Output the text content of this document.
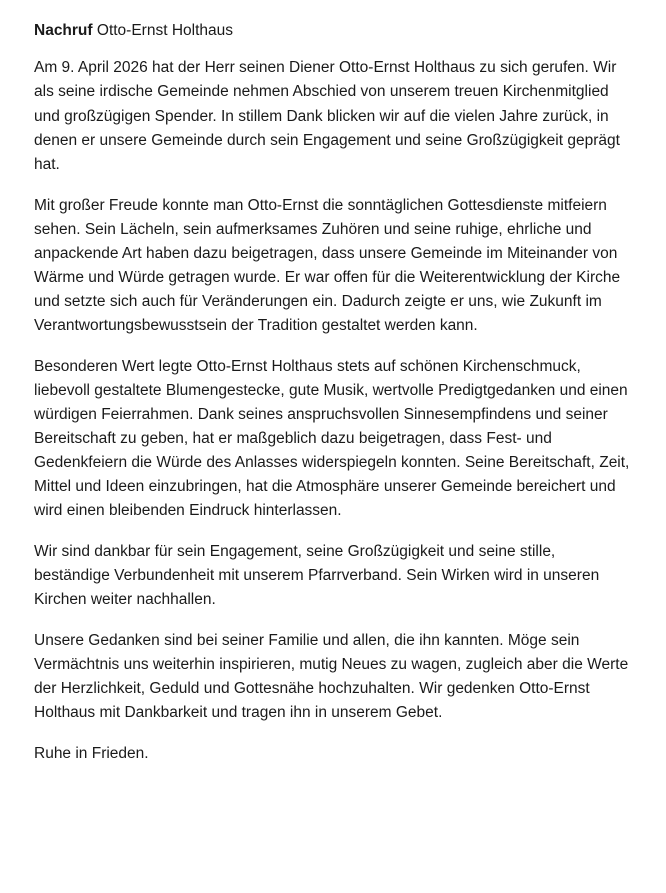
Nachruf Otto-Ernst Holthaus

Am 9. April 2026 hat der Herr seinen Diener Otto-Ernst Holthaus zu sich gerufen. Wir als seine irdische Gemeinde nehmen Abschied von unserem treuen Kirchenmitglied und großzügigen Spender. In stillem Dank blicken wir auf die vielen Jahre zurück, in denen er unsere Gemeinde durch sein Engagement und seine Großzügigkeit geprägt hat.

Mit großer Freude konnte man Otto-Ernst die sonntäglichen Gottesdienste mitfeiern sehen. Sein Lächeln, sein aufmerksames Zuhören und seine ruhige, ehrliche und anpackende Art haben dazu beigetragen, dass unsere Gemeinde im Miteinander von Wärme und Würde getragen wurde. Er war offen für die Weiterentwicklung der Kirche und setzte sich auch für Veränderungen ein. Dadurch zeigte er uns, wie Zukunft im Verantwortungsbewusstsein der Tradition gestaltet werden kann.

Besonderen Wert legte Otto-Ernst Holthaus stets auf schönen Kirchenschmuck, liebevoll gestaltete Blumengestecke, gute Musik, wertvolle Predigtgedanken und einen würdigen Feierrahmen. Dank seines anspruchsvollen Sinnesempfindens und seiner Bereitschaft zu geben, hat er maßgeblich dazu beigetragen, dass Fest- und Gedenkfeiern die Würde des Anlasses widerspiegeln konnten. Seine Bereitschaft, Zeit, Mittel und Ideen einzubringen, hat die Atmosphäre unserer Gemeinde bereichert und wird einen bleibenden Eindruck hinterlassen.

Wir sind dankbar für sein Engagement, seine Großzügigkeit und seine stille, beständige Verbundenheit mit unserem Pfarrverband. Sein Wirken wird in unseren Kirchen weiter nachhallen.

Unsere Gedanken sind bei seiner Familie und allen, die ihn kannten. Möge sein Vermächtnis uns weiterhin inspirieren, mutig Neues zu wagen, zugleich aber die Werte der Herzlichkeit, Geduld und Gottesnähe hochzuhalten. Wir gedenken Otto-Ernst Holthaus mit Dankbarkeit und tragen ihn in unserem Gebet.

Ruhe in Frieden.
